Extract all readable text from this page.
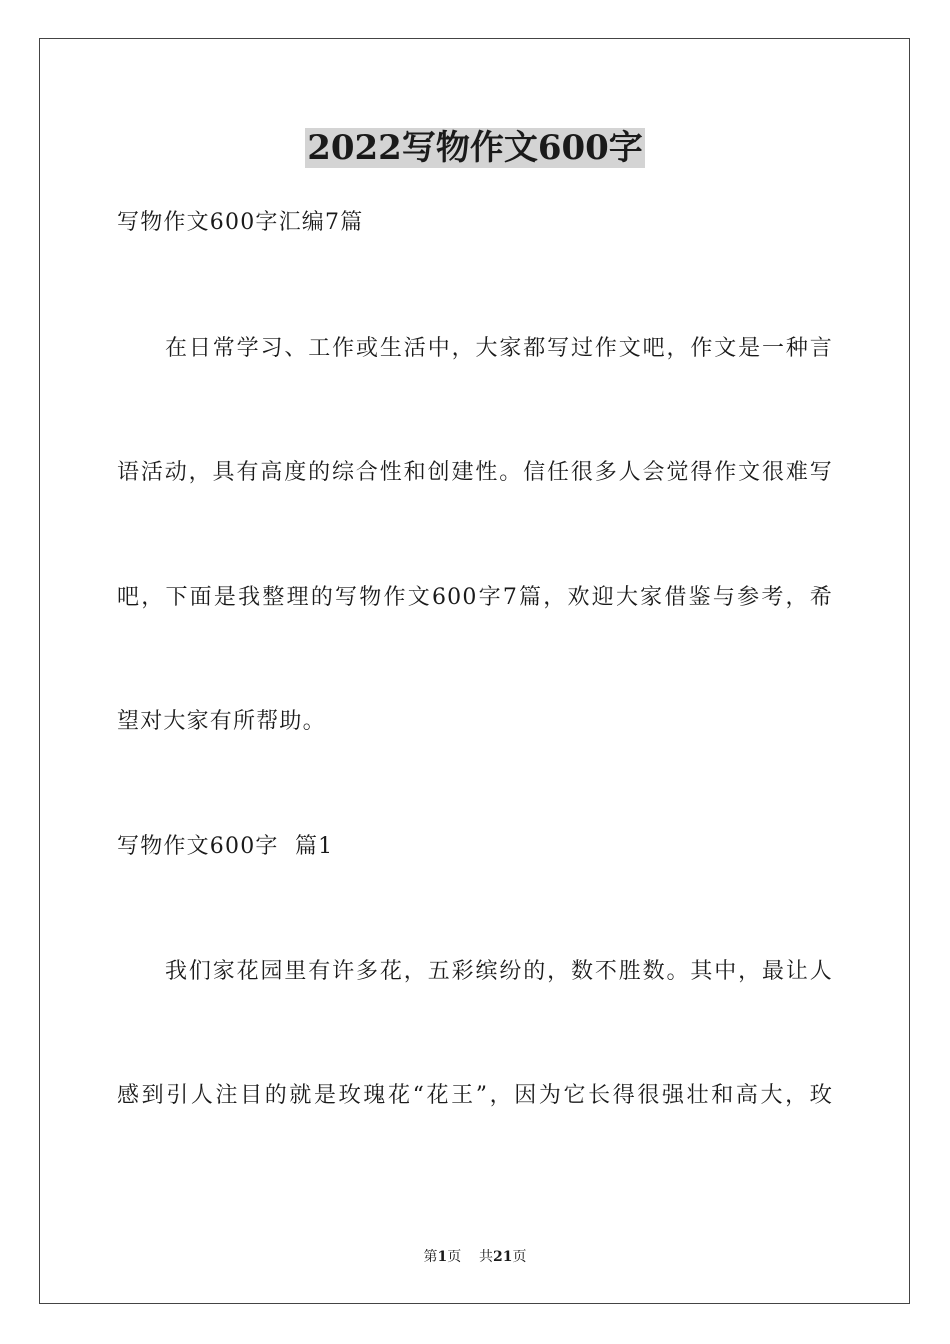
2022写物作文600字
写物作文600字汇编7篇
在日常学习、工作或生活中，大家都写过作文吧，作文是一种言
语活动，具有高度的综合性和创建性。信任很多人会觉得作文很难写
吧，下面是我整理的写物作文600字7篇，欢迎大家借鉴与参考，希
望对大家有所帮助。
写物作文600字  篇1
我们家花园里有许多花，五彩缤纷的，数不胜数。其中，最让人
感到引人注目的就是玫瑰花“花王”，因为它长得很强壮和高大，玫
第1页    共21页
